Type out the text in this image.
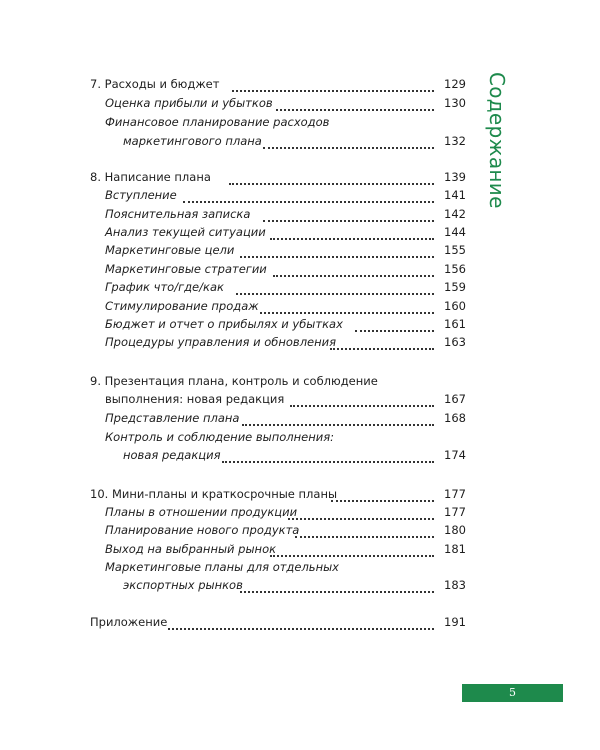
7. Расходы и бюджет	129
Оценка прибыли и убытков	130
Финансовое планирование расходов
маркетингового плана	132
8. Написание плана	139
Вступление	141
Пояснительная записка	142
Анализ текущей ситуации	144
Маркетинговые цели	155
Маркетинговые стратегии	156
График что/где/как	159
Стимулирование продаж	160
Бюджет и отчет о прибылях и убытках	161
Процедуры управления и обновления	163
9. Презентация плана, контроль и соблюдение
выполнения: новая редакция	167
Представление плана	168
Контроль и соблюдение выполнения:
новая редакция	174
10. Мини-планы и краткосрочные планы	177
Планы в отношении продукции	177
Планирование нового продукта	180
Выход на выбранный рынок	181
Маркетинговые планы для отдельных
экспортных рынков	183
Приложение	191
Содержание
5
